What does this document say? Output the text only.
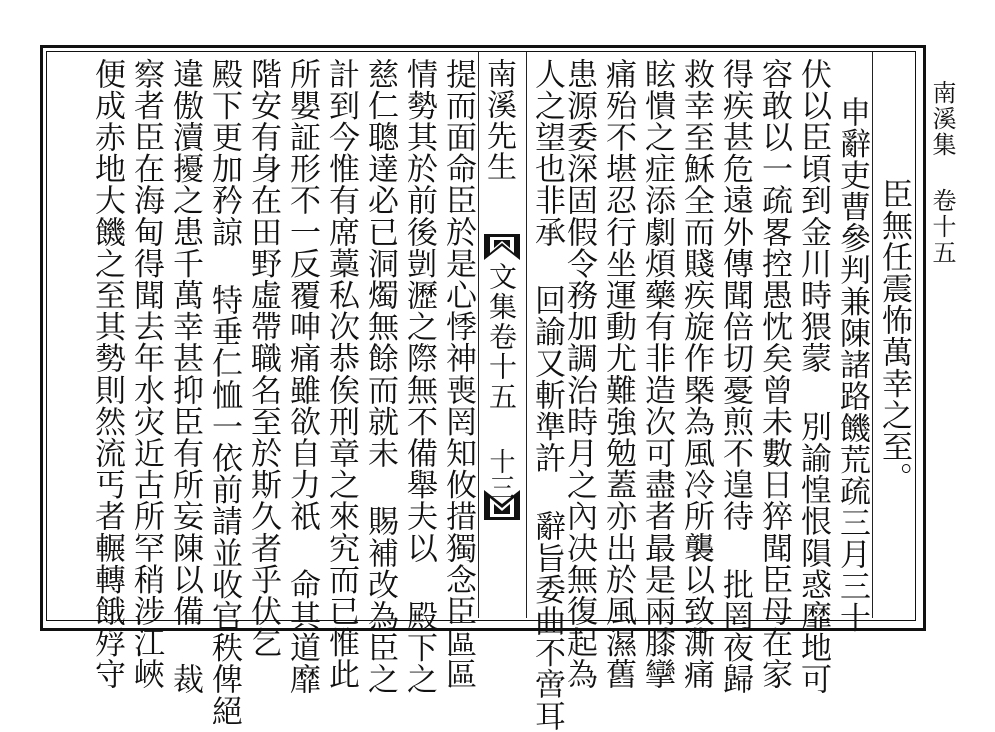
南溪集 卷十五
臣無任震怖萬幸之至。
申辭吏曹參判兼陳諸路饑荒疏三月三十
伏以臣頃到金川時猥蒙 別諭惶恨隕惑靡地可
容敢以一疏畧控愚忱矣曾未數日猝聞臣母在家
得疾甚危遠外傳聞倍切憂煎不遑待 批罔夜歸
救幸至穌全而賤疾旋作槩為風冷所襲以致澌痛
眩憒之症添劇煩藥有非造次可盡者最是兩膝攣
痛殆不堪忍行坐運動尤難強勉蓋亦出於風濕舊
患源委深固假令務加調治時月之內决無復起為
人之望也非承 回諭又斬準許 辭旨委曲不啻耳
南溪先生
文集卷十五
十三
提而面命臣於是心悸神喪罔知攸措獨念臣區區
情勢其於前後剴瀝之際無不備舉夫以 殿下之
慈仁聰達必已洞燭無餘而就未 賜補改為臣之
計到今惟有席藁私次恭俟刑章之來究而已惟此
所嬰証形不一反覆呻痛雖欲自力祇 命其道靡
階安有身在田野虛帶職名至於斯久者乎伏乞
殿下更加矜諒 特垂仁恤一依前請並收官秩俾絕
違傲瀆擾之患千萬幸甚抑臣有所妄陳以備 裁
察者臣在海甸得聞去年水灾近古所罕稍涉江峽
便成赤地大饑之至其勢則然流丐者輾轉餓殍守
